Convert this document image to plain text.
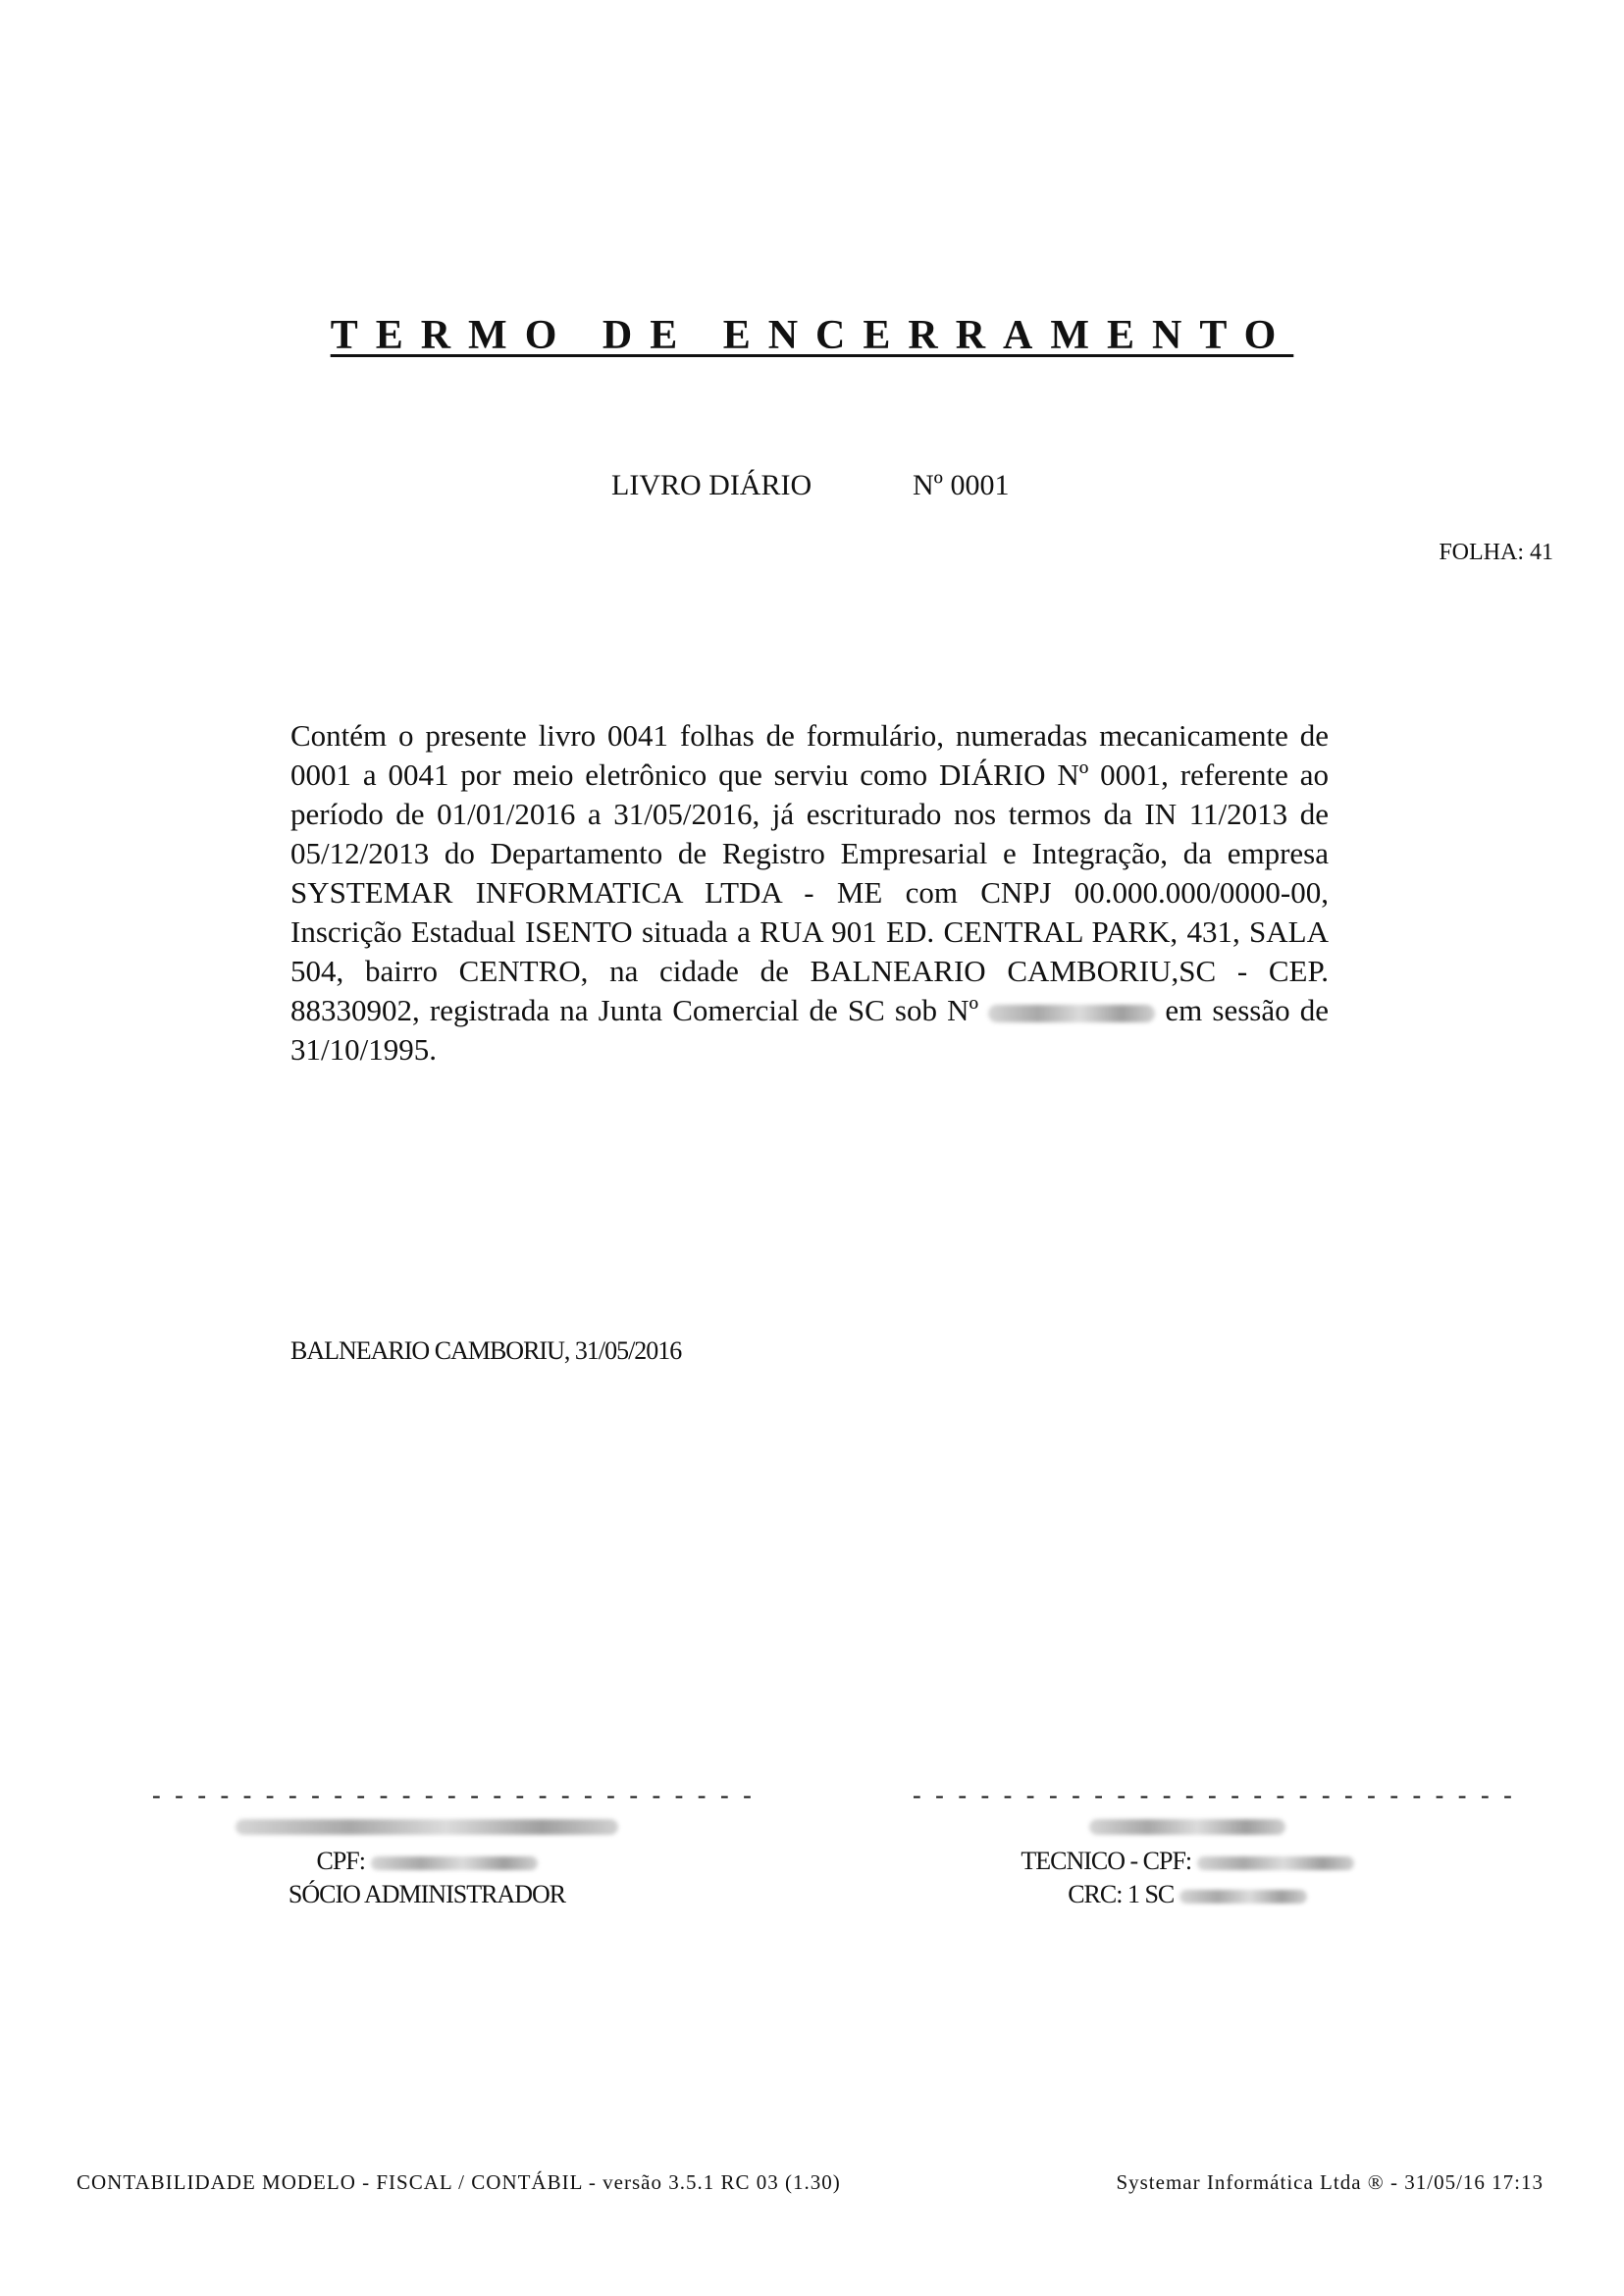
TERMO DE ENCERRAMENTO
LIVRO DIÁRIO	Nº 0001
FOLHA: 41
Contém o presente livro 0041 folhas de formulário, numeradas mecanicamente de 0001 a 0041 por meio eletrônico que serviu como DIÁRIO Nº 0001, referente ao período de 01/01/2016 a 31/05/2016, já escriturado nos termos da IN 11/2013 de 05/12/2013 do Departamento de Registro Empresarial e Integração, da empresa SYSTEMAR INFORMATICA LTDA - ME com CNPJ 00.000.000/0000-00, Inscrição Estadual ISENTO situada a RUA 901 ED. CENTRAL PARK, 431, SALA 504, bairro CENTRO, na cidade de BALNEARIO CAMBORIU,SC - CEP. 88330902, registrada na Junta Comercial de SC sob Nº	em sessão de 31/10/1995.
BALNEARIO CAMBORIU, 31/05/2016
- - - - - - - - - - - - - - - - - - - - - - - - - - -	- - - - - - - - - - - - - - - - - - - - - - - - - - -
CPF:
SÓCIO ADMINISTRADOR
TECNICO - CPF:
CRC: 1 SC
CONTABILIDADE MODELO - FISCAL / CONTÁBIL - versão 3.5.1 RC 03 (1.30)	Systemar Informática Ltda ® - 31/05/16 17:13
